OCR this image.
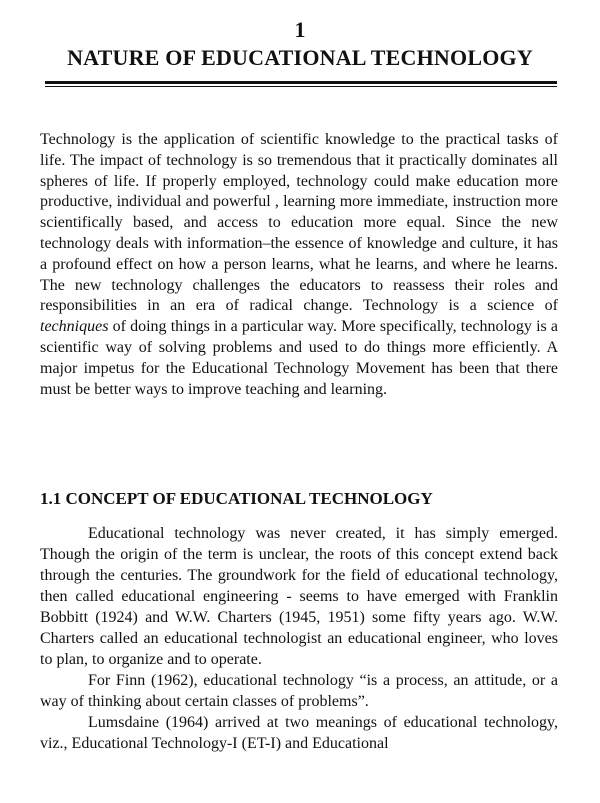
1
NATURE OF EDUCATIONAL TECHNOLOGY

Technology is the application of scientific knowledge to the practical tasks of life. The impact of technology is so tremendous that it practically dominates all spheres of life. If properly employed, technology could make education more productive, individual and powerful , learning more immediate, instruction more scientifically based, and access to education more equal. Since the new technology deals with information–the essence of knowledge and culture, it has a profound effect on how a person learns, what he learns, and where he learns. The new technology challenges the educators to reassess their roles and responsibilities in an era of radical change. Technology is a science of techniques of doing things in a particular way. More specifically, technology is a scientific way of solving problems and used to do things more efficiently. A major impetus for the Educational Technology Movement has been that there must be better ways to improve teaching and learning.

1.1 CONCEPT OF EDUCATIONAL TECHNOLOGY

Educational technology was never created, it has simply emerged. Though the origin of the term is unclear, the roots of this concept extend back through the centuries. The groundwork for the field of educational technology, then called educational engineering - seems to have emerged with Franklin Bobbitt (1924) and W.W. Charters (1945, 1951) some fifty years ago. W.W. Charters called an educational technologist an educational engineer, who loves to plan, to organize and to operate.

For Finn (1962), educational technology “is a process, an attitude, or a way of thinking about certain classes of problems”.

Lumsdaine (1964) arrived at two meanings of educational technology, viz., Educational Technology-I (ET-I) and Educational
